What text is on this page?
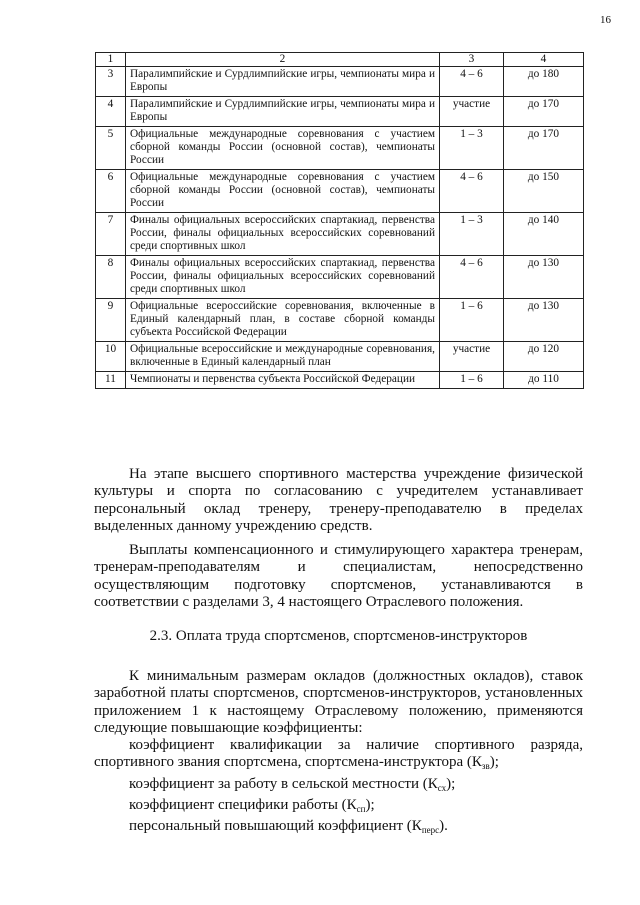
16
1	2	3	4
3	Паралимпийские и Сурдлимпийские игры, чемпионаты мира и Европы	4 – 6	до 180
4	Паралимпийские и Сурдлимпийские игры, чемпионаты мира и Европы	участие	до 170
5	Официальные международные соревнования с участием сборной команды России (основной состав), чемпионаты России	1 – 3	до 170
6	Официальные международные соревнования с участием сборной команды России (основной состав), чемпионаты России	4 – 6	до 150
7	Финалы официальных всероссийских спартакиад, первенства России, финалы официальных всероссийских соревнований среди спортивных школ	1 – 3	до 140
8	Финалы официальных всероссийских спартакиад, первенства России, финалы официальных всероссийских соревнований среди спортивных школ	4 – 6	до 130
9	Официальные всероссийские соревнования, включенные в Единый календарный план, в составе сборной команды субъекта Российской Федерации	1 – 6	до 130
10	Официальные всероссийские и международные соревнования, включенные в Единый календарный план	участие	до 120
11	Чемпионаты и первенства субъекта Российской Федерации	1 – 6	до 110

На этапе высшего спортивного мастерства учреждение физической культуры и спорта по согласованию с учредителем устанавливает персональный оклад тренеру, тренеру-преподавателю в пределах выделенных данному учреждению средств.

Выплаты компенсационного и стимулирующего характера тренерам, тренерам-преподавателям и специалистам, непосредственно осуществляющим подготовку спортсменов, устанавливаются в соответствии с разделами 3, 4 настоящего Отраслевого положения.

2.3. Оплата труда спортсменов, спортсменов-инструкторов

К минимальным размерам окладов (должностных окладов), ставок заработной платы спортсменов, спортсменов-инструкторов, установленных приложением 1 к настоящему Отраслевому положению, применяются следующие повышающие коэффициенты:

коэффициент квалификации за наличие спортивного разряда,

спортивного звания спортсмена, спортсмена-инструктора $(К_{зв})$;

коэффициент за работу в сельской местности $(К_{сх})$;

коэффициент специфики работы $(К_{сп})$;

персональный повышающий коэффициент $(К_{перс})$.
